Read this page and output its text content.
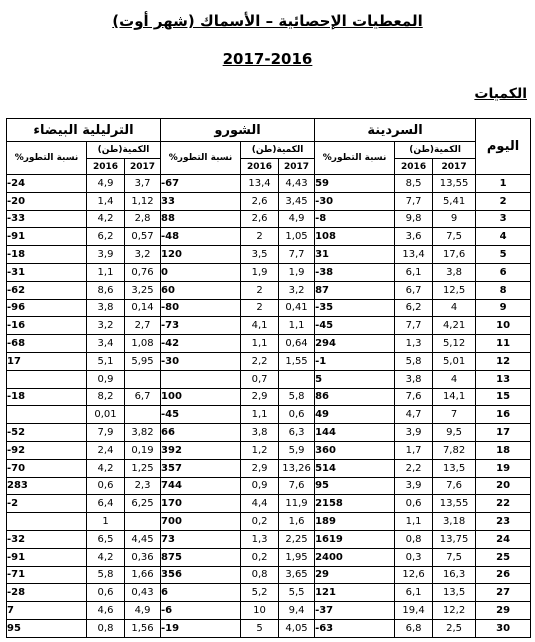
المعطيات الإحصائية – الأسماك (شهر أوت)
2017-2016
الكميات
الترليلية البيضاء			الشورو			السردينة			اليوم
نسبة التطور%	الكمية(طن)		نسبة التطور%	الكمية(طن)		نسبة التطور%	الكمية(طن)		
	2016	2017		2016	2017		2016	2017	
-24	4,9	3,7	-67	13,4	4,43	59	8,5	13,55	1
-20	1,4	1,12	33	2,6	3,45	-30	7,7	5,41	2
-33	4,2	2,8	88	2,6	4,9	-8	9,8	9	3
-91	6,2	0,57	-48	2	1,05	108	3,6	7,5	4
-18	3,9	3,2	120	3,5	7,7	31	13,4	17,6	5
-31	1,1	0,76	0	1,9	1,9	-38	6,1	3,8	6
-62	8,6	3,25	60	2	3,2	87	6,7	12,5	8
-96	3,8	0,14	-80	2	0,41	-35	6,2	4	9
-16	3,2	2,7	-73	4,1	1,1	-45	7,7	4,21	10
-68	3,4	1,08	-42	1,1	0,64	294	1,3	5,12	11
17	5,1	5,95	-30	2,2	1,55	-1	5,8	5,01	12
	0,9			0,7		5	3,8	4	13
-18	8,2	6,7	100	2,9	5,8	86	7,6	14,1	15
	0,01		-45	1,1	0,6	49	4,7	7	16
-52	7,9	3,82	66	3,8	6,3	144	3,9	9,5	17
-92	2,4	0,19	392	1,2	5,9	360	1,7	7,82	18
-70	4,2	1,25	357	2,9	13,26	514	2,2	13,5	19
283	0,6	2,3	744	0,9	7,6	95	3,9	7,6	20
-2	6,4	6,25	170	4,4	11,9	2158	0,6	13,55	22
	1		700	0,2	1,6	189	1,1	3,18	23
-32	6,5	4,45	73	1,3	2,25	1619	0,8	13,75	24
-91	4,2	0,36	875	0,2	1,95	2400	0,3	7,5	25
-71	5,8	1,66	356	0,8	3,65	29	12,6	16,3	26
-28	0,6	0,43	6	5,2	5,5	121	6,1	13,5	27
7	4,6	4,9	-6	10	9,4	-37	19,4	12,2	29
95	0,8	1,56	-19	5	4,05	-63	6,8	2,5	30
